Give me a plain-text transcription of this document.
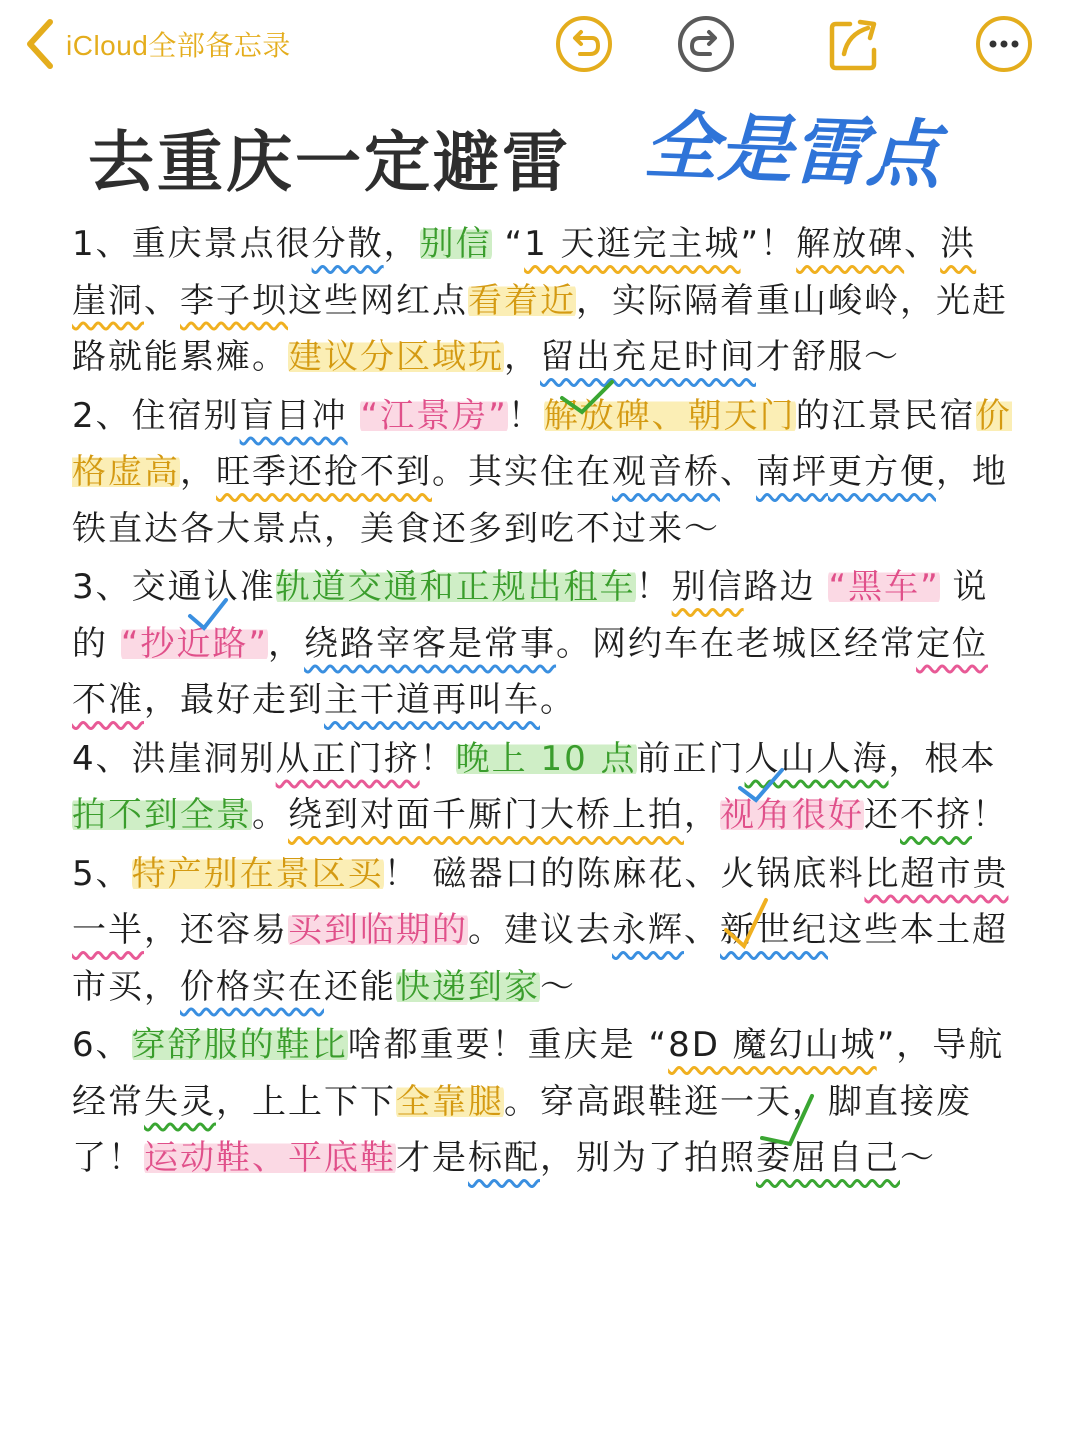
iCloud全部备忘录
去重庆一定避雷 全是雷点
1、重庆景点很分散，别信 “1 天逛完主城”！解放碑、洪崖洞、李子坝这些网红点看着近，实际隔着重山峻岭，光赶路就能累瘫。建议分区域玩，留出充足时间才舒服～
2、住宿别盲目冲 “江景房”！解放碑、朝天门的江景民宿价格虚高，旺季还抢不到。其实住在观音桥、南坪更方便，地铁直达各大景点，美食还多到吃不过来～
3、交通认准轨道交通和正规出租车！别信路边 “黑车” 说的 “抄近路”，绕路宰客是常事。网约车在老城区经常定位不准，最好走到主干道再叫车。
4、洪崖洞别从正门挤！晚上 10 点前正门人山人海，根本拍不到全景。绕到对面千厮门大桥上拍，视角很好还不挤！
5、特产别在景区买！ 磁器口的陈麻花、火锅底料比超市贵一半，还容易买到临期的。建议去永辉、新世纪这些本土超市买，价格实在还能快递到家～
6、穿舒服的鞋比啥都重要！重庆是 “8D 魔幻山城”，导航经常失灵，上上下下全靠腿。穿高跟鞋逛一天，脚直接废了！运动鞋、平底鞋才是标配，别为了拍照委屈自己～
